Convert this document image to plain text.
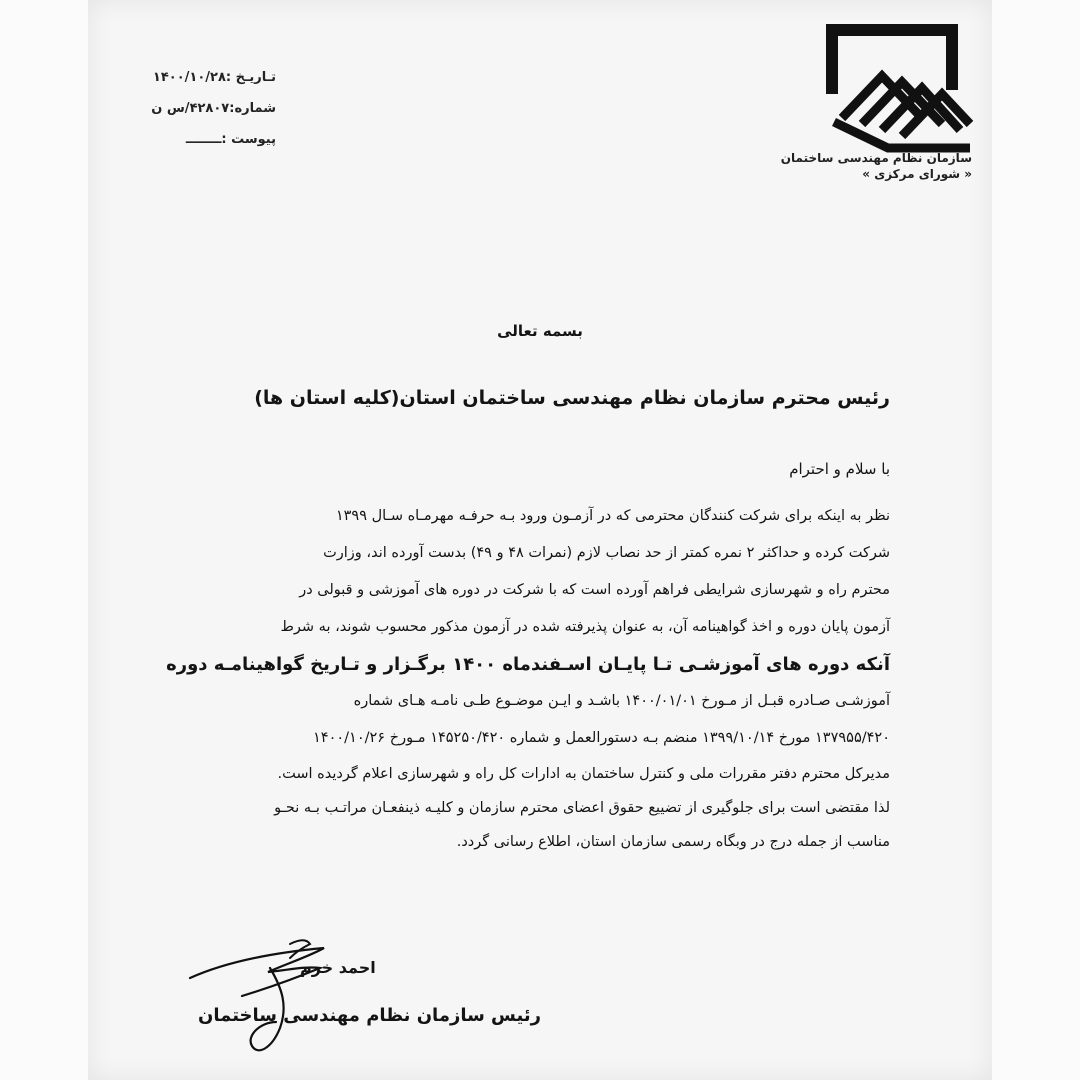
سازمان نظام مهندسی ساختمان
« شورای مرکزی »
تـاریـخ :۱۴۰۰/۱۰/۲۸
شماره:۴۲۸۰۷/س ن
پیوست :ــــــــ
بسمه تعالی
رئیس محترم سازمان نظام مهندسی ساختمان استان(کلیه استان ها)
با سلام و احترام
نظر به اینکه برای شرکت کنندگان محترمی که در آزمـون ورود بـه حرفـه مهرمـاه سـال ۱۳۹۹
شرکت کرده و حداکثر ۲ نمره کمتر از حد نصاب لازم (نمرات ۴۸ و ۴۹) بدست آورده اند، وزارت
محترم راه و شهرسازی شرایطی فراهم آورده است که با شرکت در دوره های آموزشی و قبولی در
آزمون پایان دوره و اخذ گواهینامه آن، به عنوان پذیرفته شده در آزمون مذکور محسوب شوند، به شرط
آنکه دوره های آموزشـی تـا پایـان اسـفندماه ۱۴۰۰ برگـزار و تـاریخ گواهینامـه دوره
آموزشـی صـادره قبـل از مـورخ ۱۴۰۰/۰۱/۰۱ باشـد و ایـن موضـوع طـی نامـه هـای شماره
۱۳۷۹۵۵/۴۲۰ مورخ ۱۳۹۹/۱۰/۱۴ منضم بـه دستورالعمل و شماره ۱۴۵۲۵۰/۴۲۰ مـورخ ۱۴۰۰/۱۰/۲۶
مدیرکل محترم دفتر مقررات ملی و کنترل ساختمان به ادارات کل راه و شهرسازی اعلام گردیده است.
لذا مقتضی است برای جلوگیری از تضییع حقوق اعضای محترم سازمان و کلیـه ذینفعـان مراتـب بـه نحـو
مناسب از جمله درج در وبگاه رسمی سازمان استان، اطلاع رسانی گردد.
احمد خرم
رئیس سازمان نظام مهندسی ساختمان
